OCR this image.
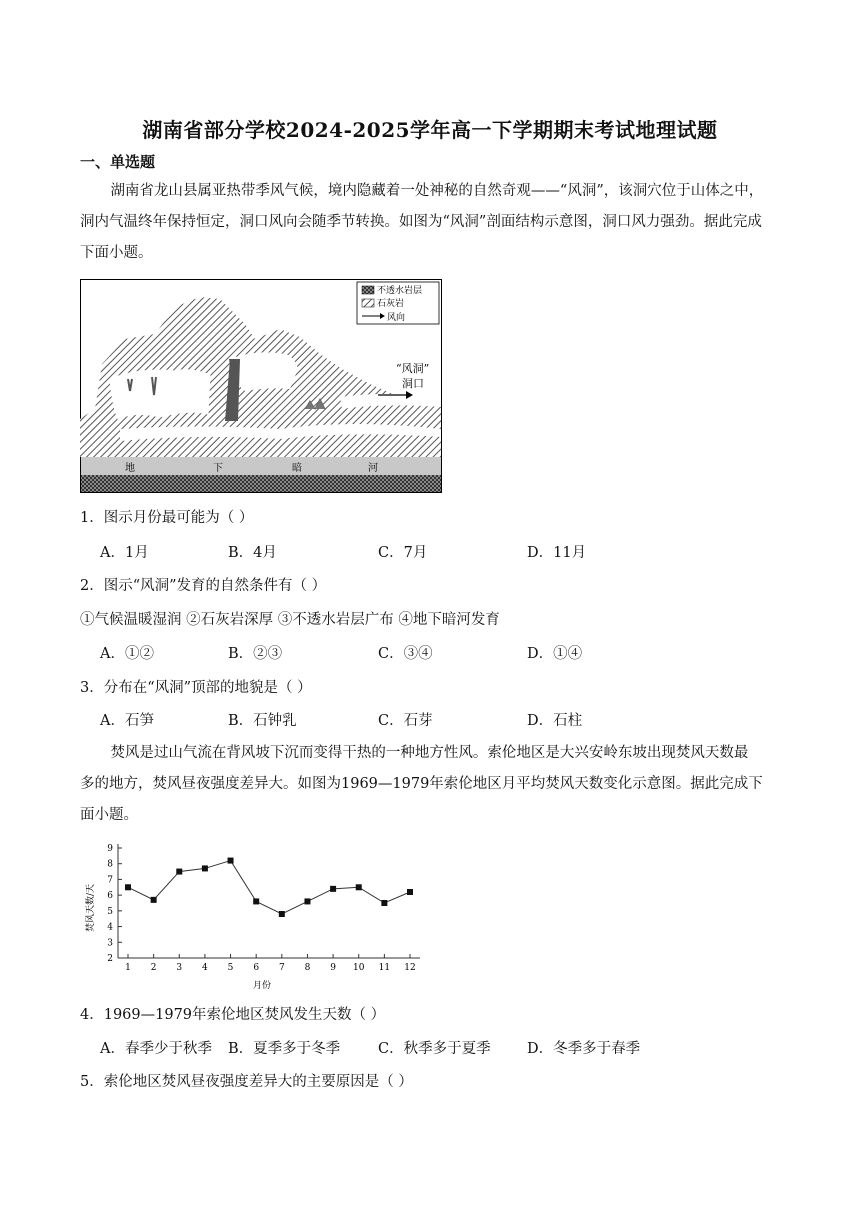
湖南省部分学校2024-2025学年高一下学期期末考试地理试题
一、单选题
湖南省龙山县属亚热带季风气候，境内隐藏着一处神秘的自然奇观——“风洞”，该洞穴位于山体之中，
洞内气温终年保持恒定，洞口风向会随季节转换。如图为“风洞”剖面结构示意图，洞口风力强劲。据此完成
下面小题。
不透水岩层
石灰岩
风向
“风洞”
洞口
地	下	暗	河
1．图示月份最可能为（ ）
A．1月	B．4月	C．7月	D．11月
2．图示“风洞”发育的自然条件有（ ）
①气候温暖湿润 ②石灰岩深厚 ③不透水岩层广布 ④地下暗河发育
A．①②	B．②③	C．③④	D．①④
3．分布在“风洞”顶部的地貌是（ ）
A．石笋	B．石钟乳	C．石芽	D．石柱
焚风是过山气流在背风坡下沉而变得干热的一种地方性风。索伦地区是大兴安岭东坡出现焚风天数最
多的地方，焚风昼夜强度差异大。如图为1969—1979年索伦地区月平均焚风天数变化示意图。据此完成下
面小题。
焚风天数/天
月份
2
3
4
5
6
7
8
9
1 2 3 4 5 6 7 8 9 10 11 12
4．1969—1979年索伦地区焚风发生天数（ ）
A．春季少于秋季 B．夏季多于冬季	C．秋季多于夏季	D．冬季多于春季
5．索伦地区焚风昼夜强度差异大的主要原因是（ ）
